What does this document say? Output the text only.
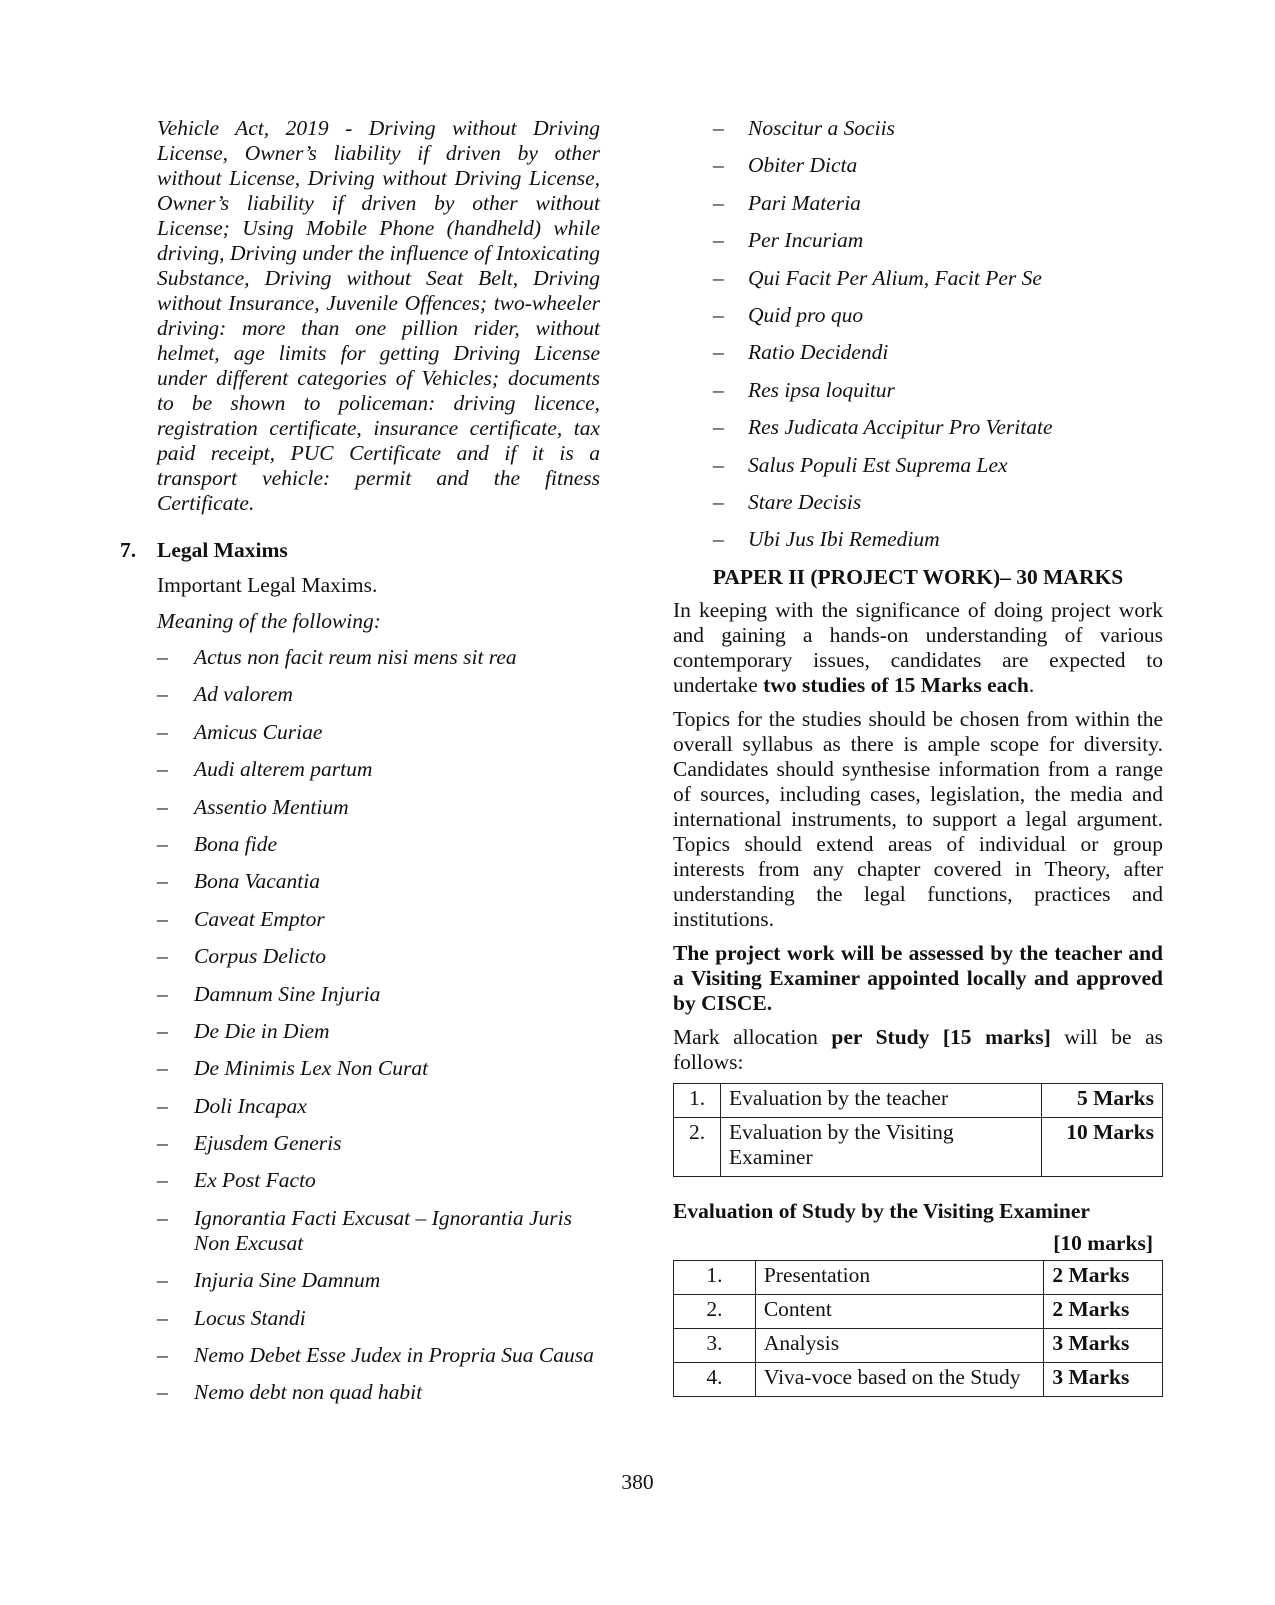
Vehicle Act, 2019 - Driving without Driving License, Owner’s liability if driven by other without License, Driving without Driving License, Owner’s liability if driven by other without License; Using Mobile Phone (handheld) while driving, Driving under the influence of Intoxicating Substance, Driving without Seat Belt, Driving without Insurance, Juvenile Offences; two-wheeler driving: more than one pillion rider, without helmet, age limits for getting Driving License under different categories of Vehicles; documents to be shown to policeman: driving licence, registration certificate, insurance certificate, tax paid receipt, PUC Certificate and if it is a transport vehicle: permit and the fitness Certificate.

7. Legal Maxims
Important Legal Maxims.
Meaning of the following:
– Actus non facit reum nisi mens sit rea
– Ad valorem
– Amicus Curiae
– Audi alterem partum
– Assentio Mentium
– Bona fide
– Bona Vacantia
– Caveat Emptor
– Corpus Delicto
– Damnum Sine Injuria
– De Die in Diem
– De Minimis Lex Non Curat
– Doli Incapax
– Ejusdem Generis
– Ex Post Facto
– Ignorantia Facti Excusat – Ignorantia Juris Non Excusat
– Injuria Sine Damnum
– Locus Standi
– Nemo Debet Esse Judex in Propria Sua Causa
– Nemo debt non quad habit
– Noscitur a Sociis
– Obiter Dicta
– Pari Materia
– Per Incuriam
– Qui Facit Per Alium, Facit Per Se
– Quid pro quo
– Ratio Decidendi
– Res ipsa loquitur
– Res Judicata Accipitur Pro Veritate
– Salus Populi Est Suprema Lex
– Stare Decisis
– Ubi Jus Ibi Remedium
PAPER II (PROJECT WORK)– 30 MARKS

In keeping with the significance of doing project work and gaining a hands-on understanding of various contemporary issues, candidates are expected to undertake two studies of 15 Marks each.

Topics for the studies should be chosen from within the overall syllabus as there is ample scope for diversity. Candidates should synthesise information from a range of sources, including cases, legislation, the media and international instruments, to support a legal argument. Topics should extend areas of individual or group interests from any chapter covered in Theory, after understanding the legal functions, practices and institutions.

The project work will be assessed by the teacher and a Visiting Examiner appointed locally and approved by CISCE.

Mark allocation per Study [15 marks] will be as follows:

1.	Evaluation by the teacher	5 Marks
2.	Evaluation by the Visiting Examiner	10 Marks
Evaluation of Study by the Visiting Examiner
[10 marks]
1.	Presentation	2 Marks
2.	Content	2 Marks
3.	Analysis	3 Marks
4.	Viva-voce based on the Study	3 Marks
380
